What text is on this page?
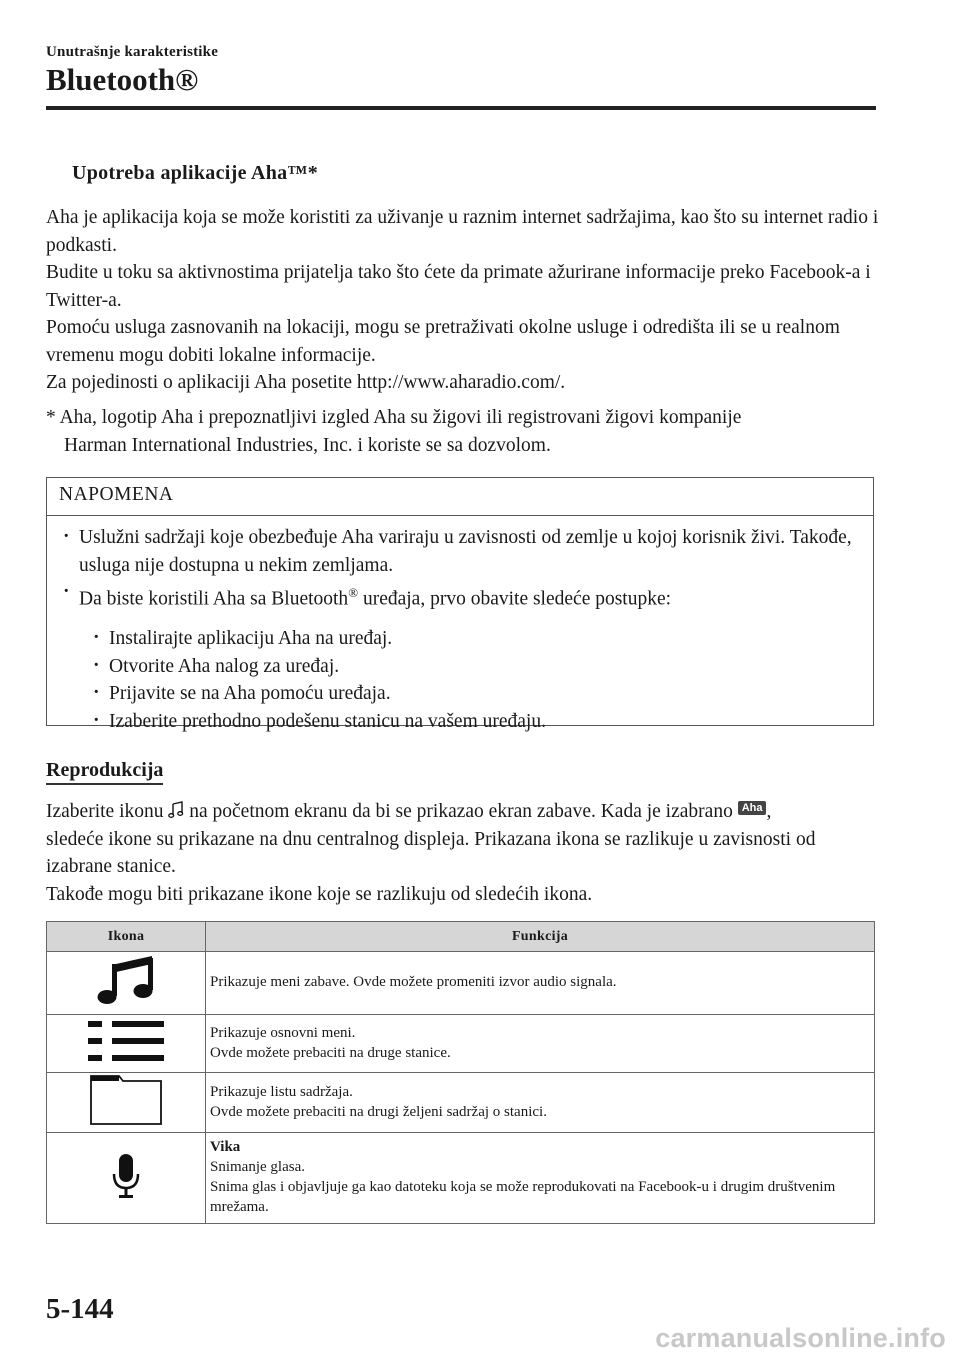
Unutrašnje karakteristike
Bluetooth®
Upotreba aplikacije Aha™*

Aha je aplikacija koja se može koristiti za uživanje u raznim internet sadržajima, kao što su internet radio i podkasti.

Budite u toku sa aktivnostima prijatelja tako što ćete da primate ažurirane informacije preko Facebook-a i Twitter-a.

Pomoću usluga zasnovanih na lokaciji, mogu se pretraživati okolne usluge i odredišta ili se u realnom vremenu mogu dobiti lokalne informacije.

Za pojedinosti o aplikaciji Aha posetite http://www.aharadio.com/.

* Aha, logotip Aha i prepoznatljivi izgled Aha su žigovi ili registrovani žigovi kompanije
Harman International Industries, Inc. i koriste se sa dozvolom.
NAPOMENA
· Uslužni sadržaji koje obezbeđuje Aha variraju u zavisnosti od zemlje u kojoj korisnik živi. Takođe, usluga nije dostupna u nekim zemljama.
· Da biste koristili Aha sa Bluetooth® uređaja, prvo obavite sledeće postupke:
· Instalirajte aplikaciju Aha na uređaj.
· Otvorite Aha nalog za uređaj.
· Prijavite se na Aha pomoću uređaja.
· Izaberite prethodno podešenu stanicu na vašem uređaju.
Reprodukcija

Izaberite ikonu na početnom ekranu da bi se prikazao ekran zabave. Kada je izabrano Aha ,

sledeće ikone su prikazane na dnu centralnog displeja. Prikazana ikona se razlikuje u zavisnosti od izabrane stanice.

Takođe mogu biti prikazane ikone koje se razlikuju od sledećih ikona.

Ikona	Funkcija

Prikazuje meni zabave. Ovde možete promeniti izvor audio signala.

Prikazuje osnovni meni.
Ovde možete prebaciti na druge stanice.

Prikazuje listu sadržaja.
Ovde možete prebaciti na drugi željeni sadržaj o stanici.

Vika
Snimanje glasa.
Snima glas i objavljuje ga kao datoteku koja se može reprodukovati na Facebook-u i drugim društvenim mrežama.
5-144
carmanualsonline.info
